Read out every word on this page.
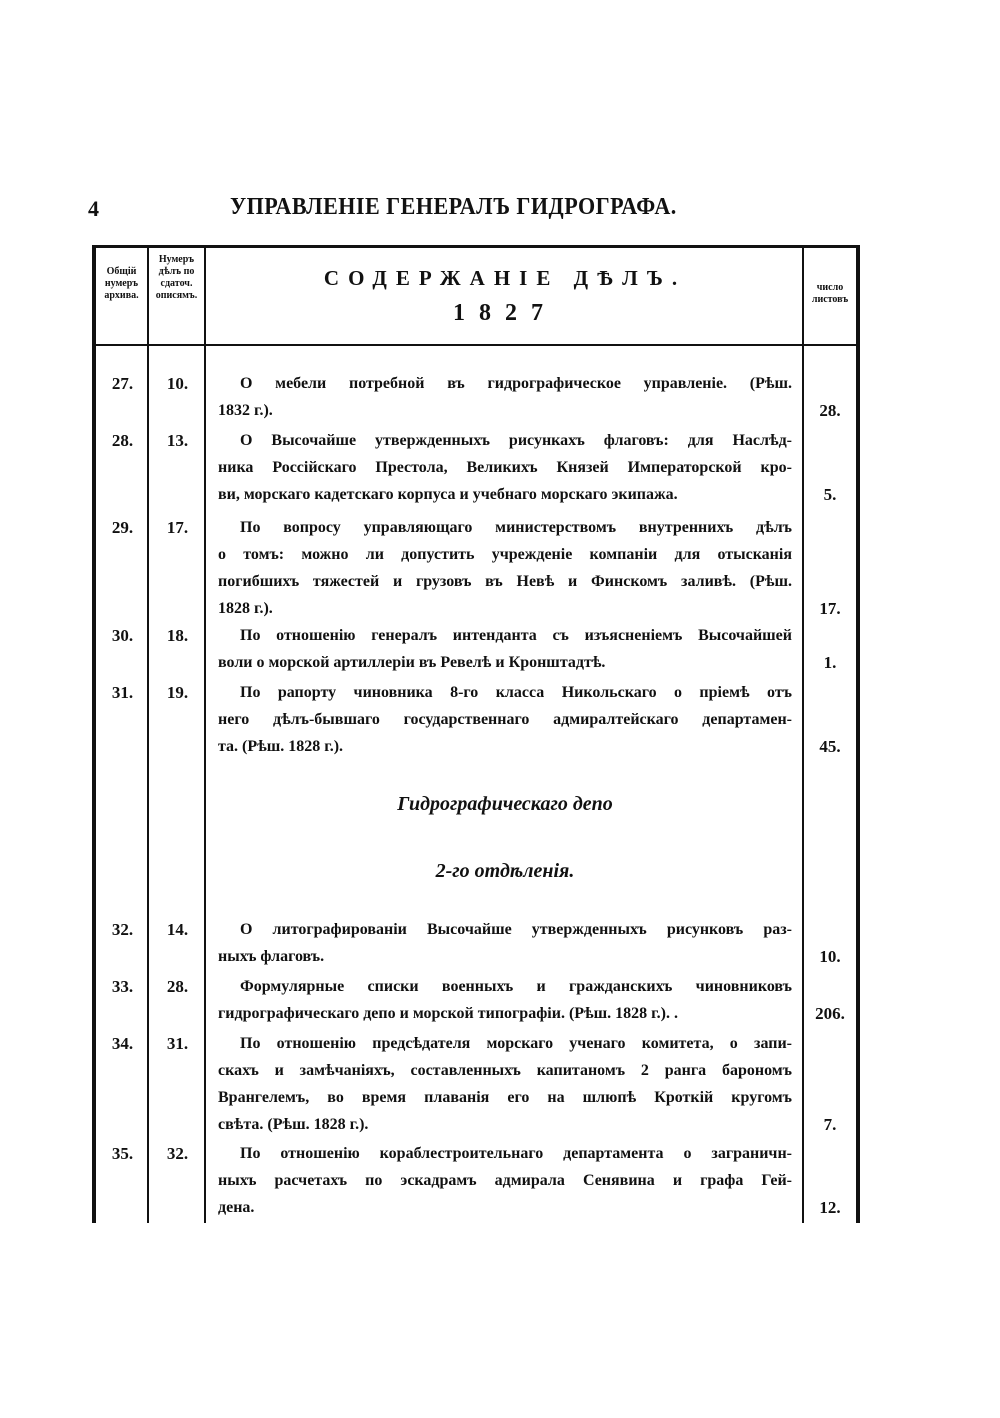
4	УПРАВЛЕНІЕ ГЕНЕРАЛЪ ГИДРОГРАФА.
Общій нумеръ архива.
Нумеръ дѣлъ по сдаточ. описямъ.
СОДЕРЖАНІЕ ДѢЛЪ.
1827
число листовъ
Гидрографическаго депо
2-го отдѣленія.
27.	10.	О мебели потребной въ гидрографическое управленіе. (Рѣш.
1832 г.).	28.
28.	13.	О Высочайше утвержденныхъ рисункахъ флаговъ: для Наслѣд-
ника Россійскаго Престола, Великихъ Князей Императорской кро-
ви, морскаго кадетскаго корпуса и учебнаго морскаго экипажа.	5.
29.	17.	По вопросу управляющаго министерствомъ внутреннихъ дѣлъ
о томъ: можно ли допустить учрежденіе компаніи для отысканія
погибшихъ тяжестей и грузовъ въ Невѣ и Финскомъ заливѣ. (Рѣш.
1828 г.).	17.
30.	18.	По отношенію генералъ интенданта съ изъясненіемъ Высочайшей
воли о морской артиллеріи въ Ревелѣ и Кронштадтѣ.	1.
31.	19.	По рапорту чиновника 8-го класса Никольскаго о пріемѣ отъ
него дѣлъ-бывшаго государственнаго адмиралтейскаго департамен-
та. (Рѣш. 1828 г.).	45.
32.	14.	О литографированіи Высочайше утвержденныхъ рисунковъ раз-
ныхъ флаговъ.	10.
33.	28.	Формулярные списки военныхъ и гражданскихъ чиновниковъ
гидрографическаго депо и морской типографіи. (Рѣш. 1828 г.). .	206.
34.	31.	По отношенію предсѣдателя морскаго ученаго комитета, о запи-
скахъ и замѣчаніяхъ, составленныхъ капитаномъ 2 ранга барономъ
Врангелемъ, во время плаванія его на шлюпѣ Кроткій кругомъ
свѣта. (Рѣш. 1828 г.).	7.
35.	32.	По отношенію кораблестроительнаго департамента о заграничн-
ныхъ расчетахъ по эскадрамъ адмирала Сенявина и графа Гей-
дена.	12.
